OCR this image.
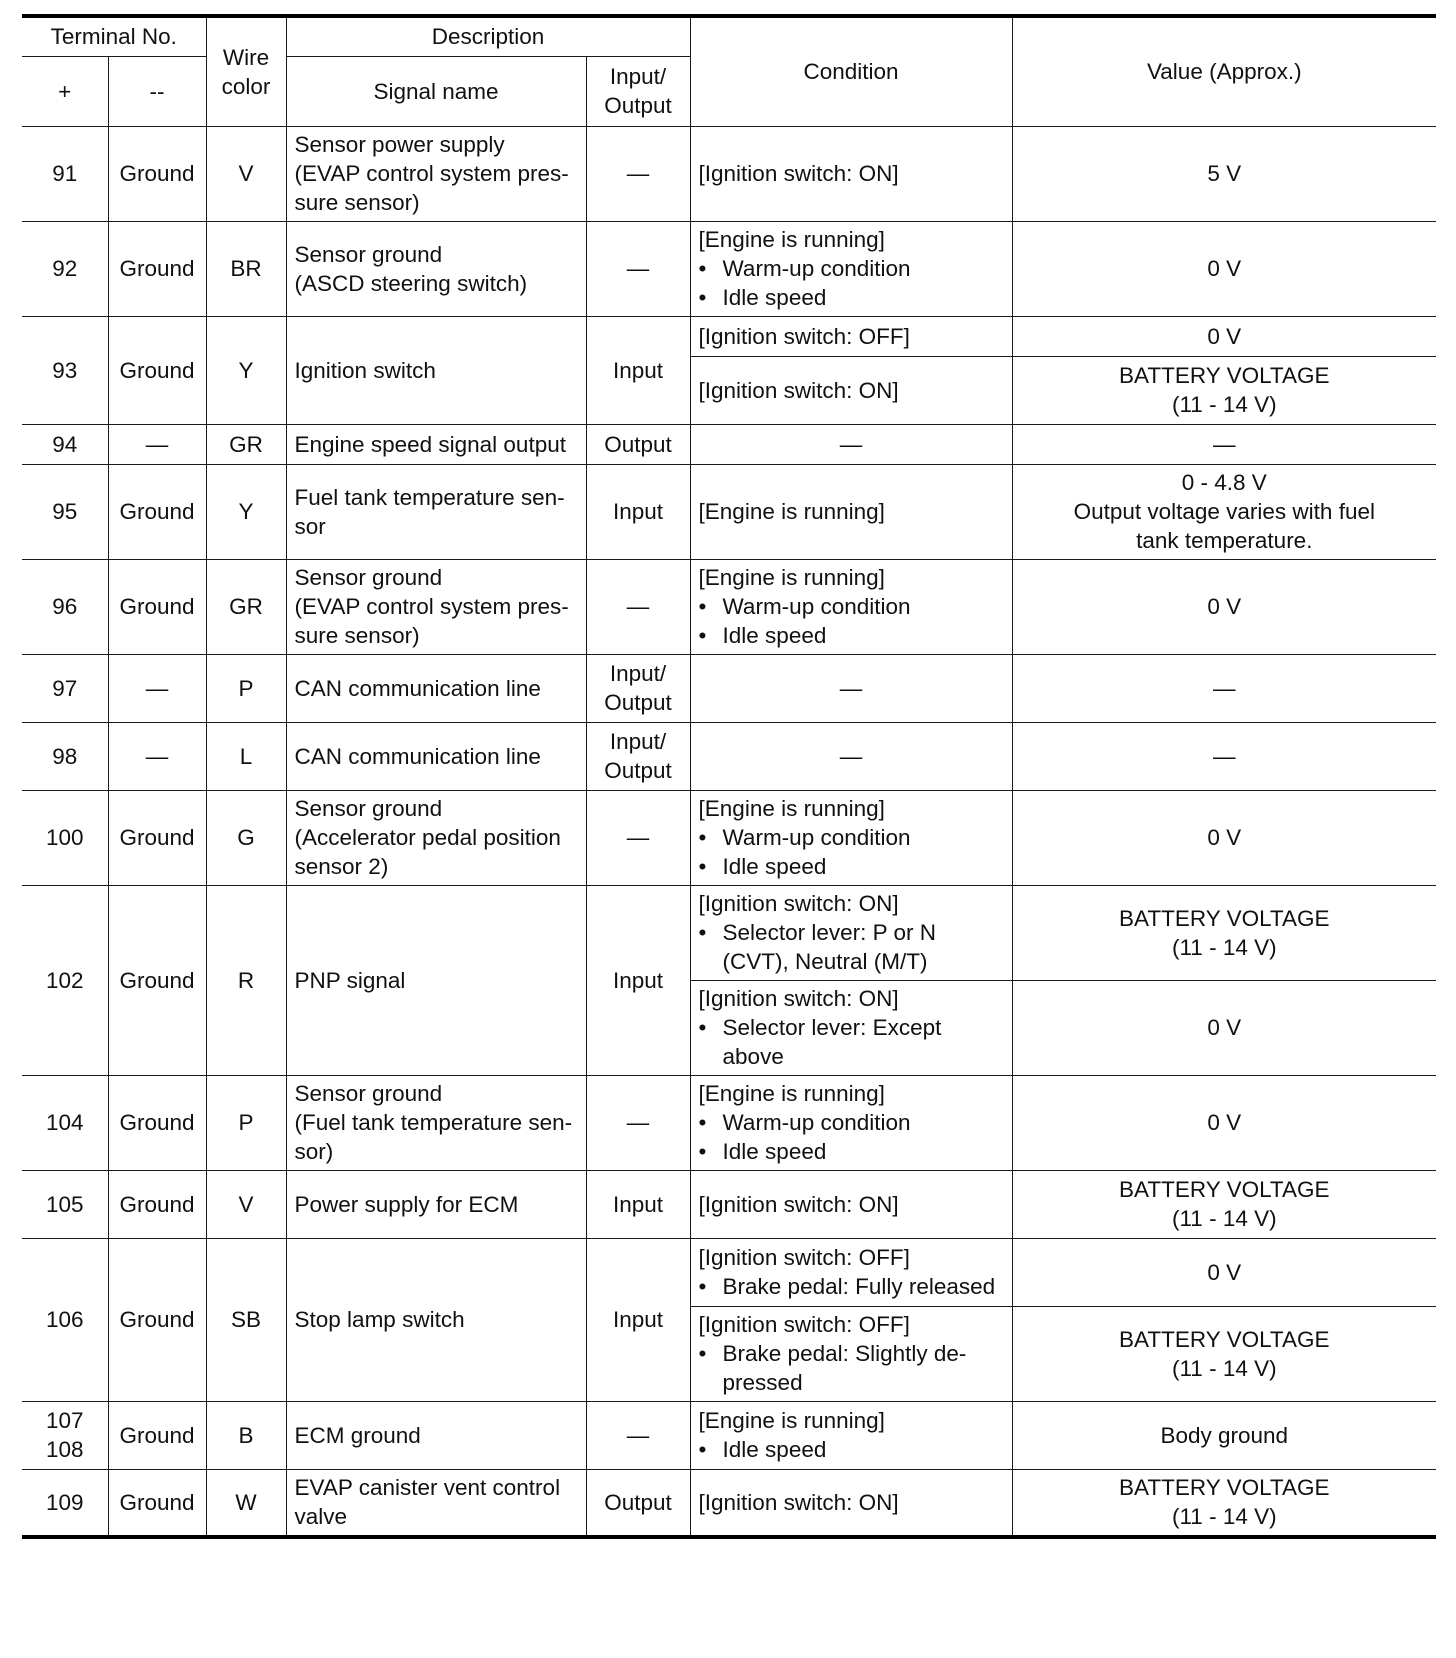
Terminal No.		Wire color	Description		Condition	Value (Approx.)
+	--		Signal name	Input/ Output		

91	Ground	V	Sensor power supply
(EVAP control system pres-
sure sensor)	—	[Ignition switch: ON]	5 V

92	Ground	BR	Sensor ground
(ASCD steering switch)	—	[Engine is running]
• Warm-up condition
• Idle speed	0 V

93	Ground	Y	Ignition switch	Input	[Ignition switch: OFF]	0 V

					[Ignition switch: ON]	BATTERY VOLTAGE
(11 - 14 V)

94	—	GR	Engine speed signal output	Output	—	—

95	Ground	Y	Fuel tank temperature sen-
sor	Input	[Engine is running]	0 - 4.8 V
Output voltage varies with fuel
tank temperature.

96	Ground	GR	Sensor ground
(EVAP control system pres-
sure sensor)	—	[Engine is running]
• Warm-up condition
• Idle speed	0 V

97	—	P	CAN communication line	Input/
Output	—	—

98	—	L	CAN communication line	Input/
Output	—	—

100	Ground	G	Sensor ground
(Accelerator pedal position
sensor 2)	—	[Engine is running]
• Warm-up condition
• Idle speed	0 V

102	Ground	R	PNP signal	Input	[Ignition switch: ON]
• Selector lever: P or N (CVT), Neutral (M/T)	BATTERY VOLTAGE
(11 - 14 V)

					[Ignition switch: ON]
• Selector lever: Except above	0 V

104	Ground	P	Sensor ground
(Fuel tank temperature sen-
sor)	—	[Engine is running]
• Warm-up condition
• Idle speed	0 V

105	Ground	V	Power supply for ECM	Input	[Ignition switch: ON]	BATTERY VOLTAGE
(11 - 14 V)

106	Ground	SB	Stop lamp switch	Input	[Ignition switch: OFF]
• Brake pedal: Fully released	0 V

					[Ignition switch: OFF]
• Brake pedal: Slightly de- pressed	BATTERY VOLTAGE
(11 - 14 V)

107
108	Ground	B	ECM ground	—	[Engine is running]
• Idle speed	Body ground

109	Ground	W	EVAP canister vent control
valve	Output	[Ignition switch: ON]	BATTERY VOLTAGE
(11 - 14 V)
